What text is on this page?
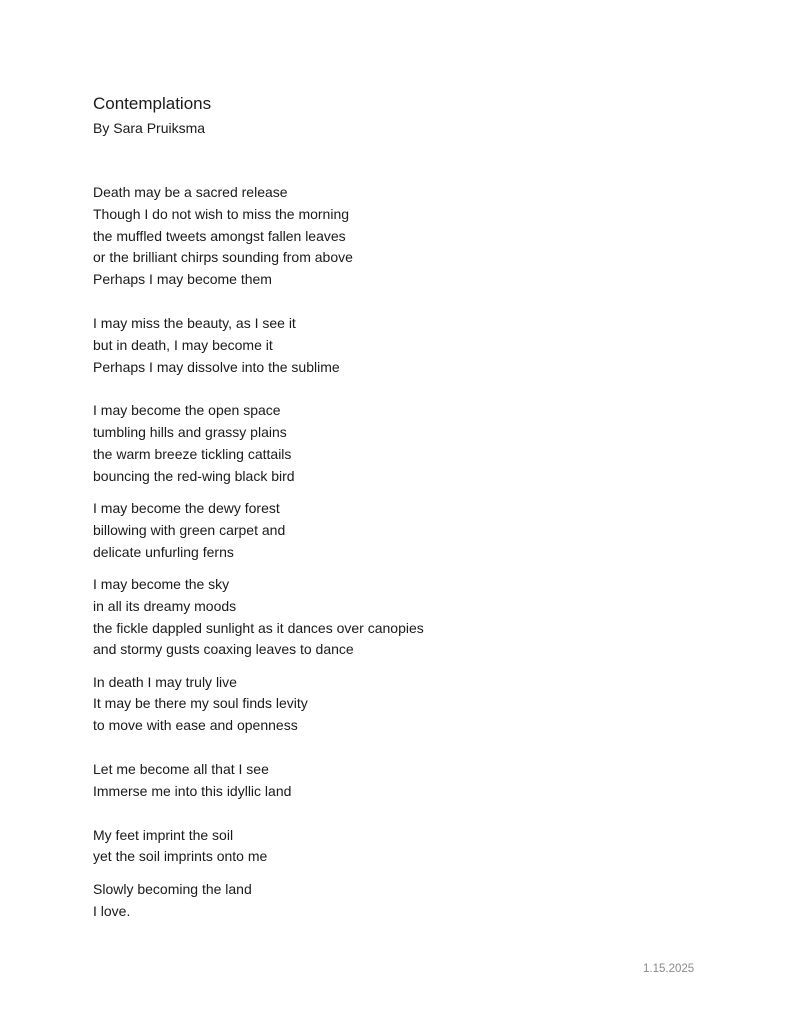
Contemplations

By Sara Pruiksma

Death may be a sacred release
Though I do not wish to miss the morning
the muffled tweets amongst fallen leaves
or the brilliant chirps sounding from above
Perhaps I may become them
I may miss the beauty, as I see it
but in death, I may become it
Perhaps I may dissolve into the sublime
I may become the open space
tumbling hills and grassy plains
the warm breeze tickling cattails
bouncing the red-wing black bird
I may become the dewy forest
billowing with green carpet and
delicate unfurling ferns
I may become the sky
in all its dreamy moods
the fickle dappled sunlight as it dances over canopies
and stormy gusts coaxing leaves to dance
In death I may truly live
It may be there my soul finds levity
to move with ease and openness
Let me become all that I see
Immerse me into this idyllic land
My feet imprint the soil
yet the soil imprints onto me
Slowly becoming the land
I love.
1.15.2025
